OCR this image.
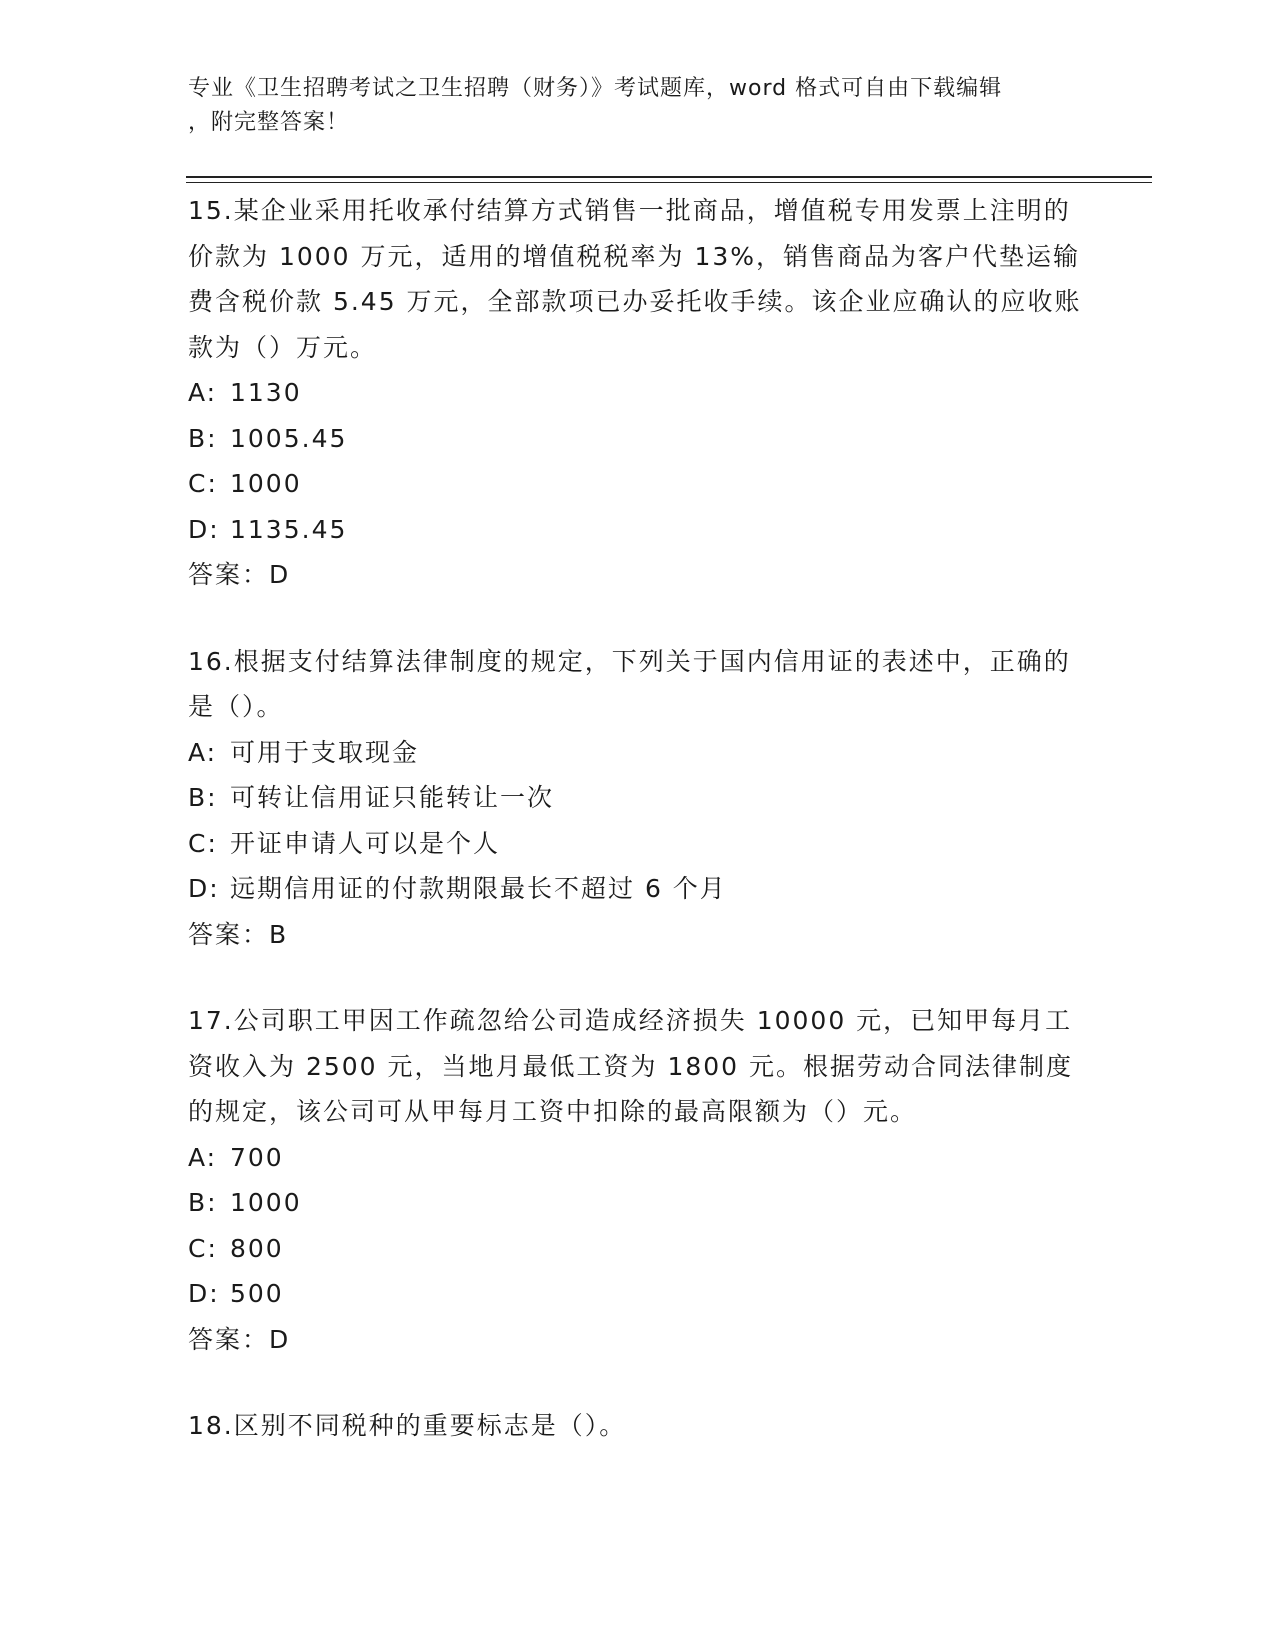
专业《卫生招聘考试之卫生招聘（财务）》考试题库，word 格式可自由下载编辑
，附完整答案！

15.某企业采用托收承付结算方式销售一批商品，增值税专用发票上注明的价款为 1000 万元，适用的增值税税率为 13%，销售商品为客户代垫运输费含税价款 5.45 万元，全部款项已办妥托收手续。该企业应确认的应收账款为（）万元。

A: 1130

B: 1005.45

C: 1000

D: 1135.45

答案：D

16.根据支付结算法律制度的规定，下列关于国内信用证的表述中，正确的是（）。

A: 可用于支取现金

B: 可转让信用证只能转让一次

C: 开证申请人可以是个人

D: 远期信用证的付款期限最长不超过 6 个月

答案：B

17.公司职工甲因工作疏忽给公司造成经济损失 10000 元，已知甲每月工资收入为 2500 元，当地月最低工资为 1800 元。根据劳动合同法律制度的规定，该公司可从甲每月工资中扣除的最高限额为（）元。

A: 700

B: 1000

C: 800

D: 500

答案：D

18.区别不同税种的重要标志是（）。
